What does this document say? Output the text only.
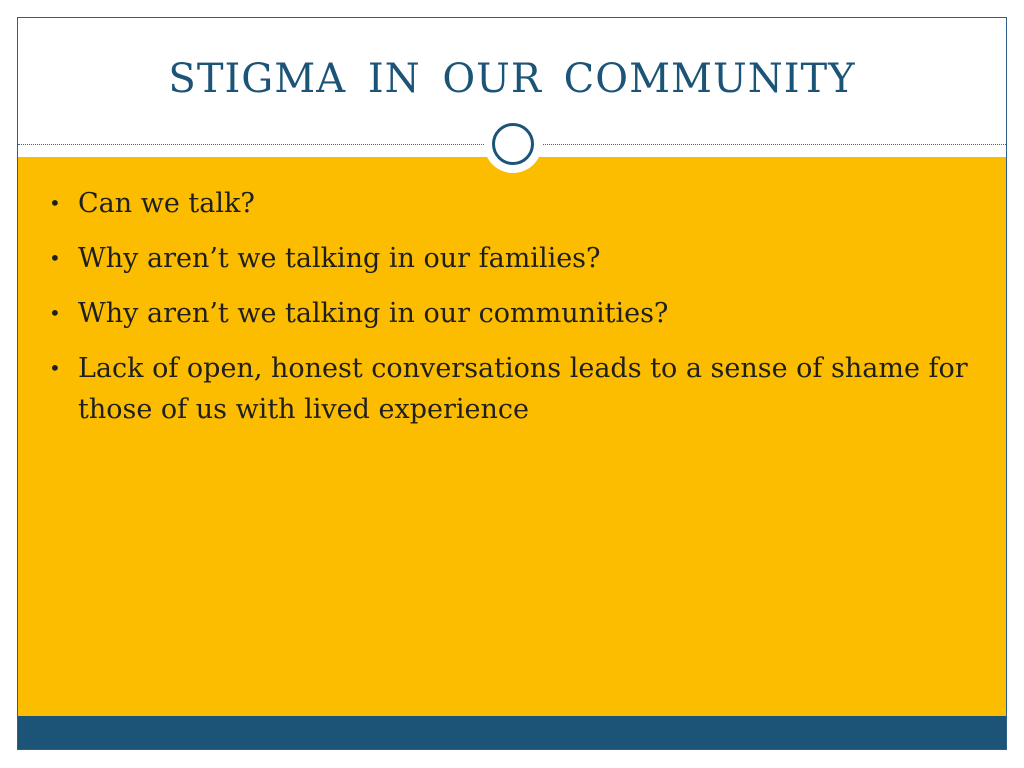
STIGMA IN OUR COMMUNITY
• Can we talk?
• Why aren’t we talking in our families?
• Why aren’t we talking in our communities?
• Lack of open, honest conversations leads to a sense of shame for those of us with lived experience
